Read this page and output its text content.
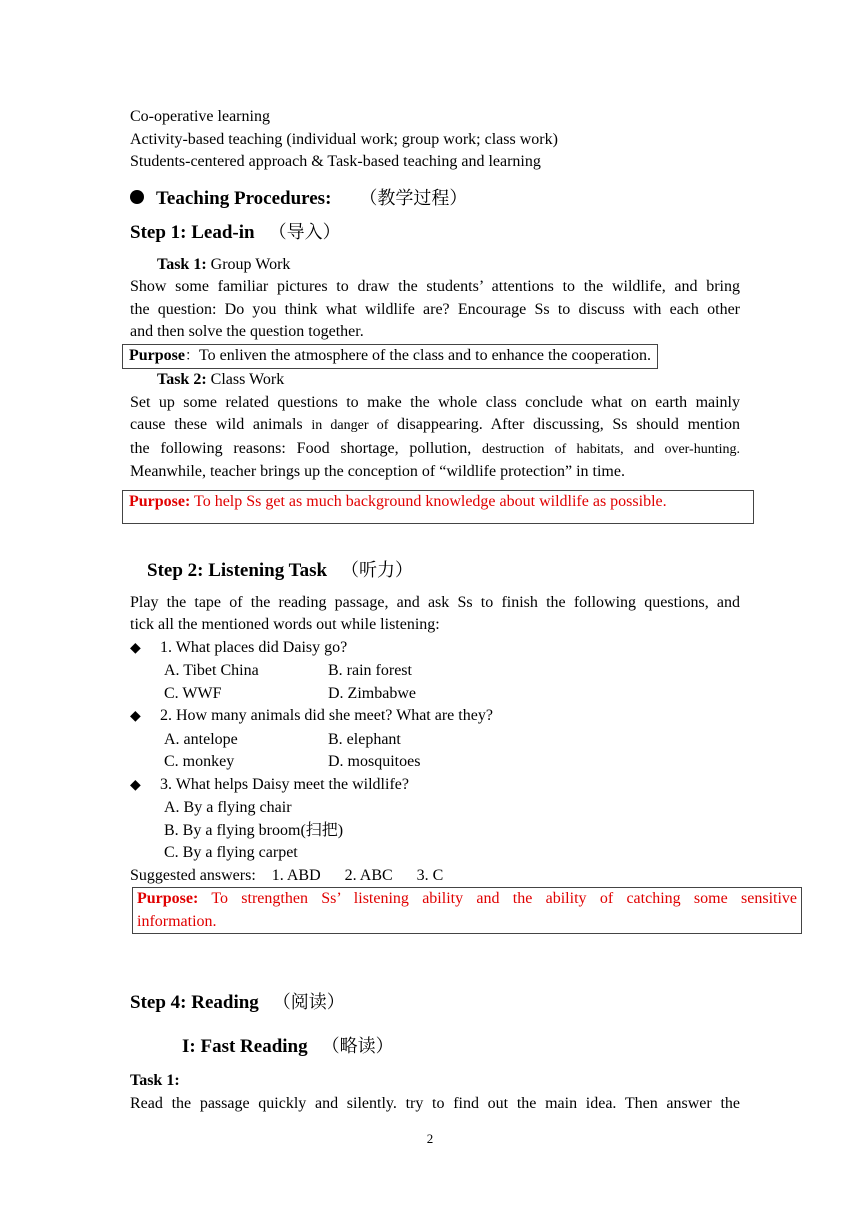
Co-operative learning
Activity-based teaching (individual work; group work; class work)
Students-centered approach & Task-based teaching and learning
Teaching Procedures: （教学过程）
Step 1: Lead-in （导入）
Task 1: Group Work
Show some familiar pictures to draw the students’ attentions to the wildlife, and bring
the question: Do you think what wildlife are? Encourage Ss to discuss with each other
and then solve the question together.
Purpose：To enliven the atmosphere of the class and to enhance the cooperation.
Task 2: Class Work
Set up some related questions to make the whole class conclude what on earth mainly
cause these wild animals in danger of disappearing. After discussing, Ss should mention
the following reasons: Food shortage, pollution, destruction of habitats, and over-hunting.
Meanwhile, teacher brings up the conception of “wildlife protection” in time.
Purpose: To help Ss get as much background knowledge about wildlife as possible.
Step 2: Listening Task （听力）
Play the tape of the reading passage, and ask Ss to finish the following questions, and
tick all the mentioned words out while listening:
◆ 1. What places did Daisy go?
A. Tibet China	B. rain forest
C. WWF	D. Zimbabwe
◆ 2. How many animals did she meet? What are they?
A. antelope	B. elephant
C. monkey	D. mosquitoes
◆ 3. What helps Daisy meet the wildlife?
A. By a flying chair
B. By a flying broom(扫把)
C. By a flying carpet
Suggested answers:    1. ABD      2. ABC      3. C
Purpose: To strengthen Ss’ listening ability and the ability of catching some sensitive
information.
Step 4: Reading （阅读）
I: Fast Reading （略读）
Task 1:
Read the passage quickly and silently. try to find out the main idea. Then answer the
2
